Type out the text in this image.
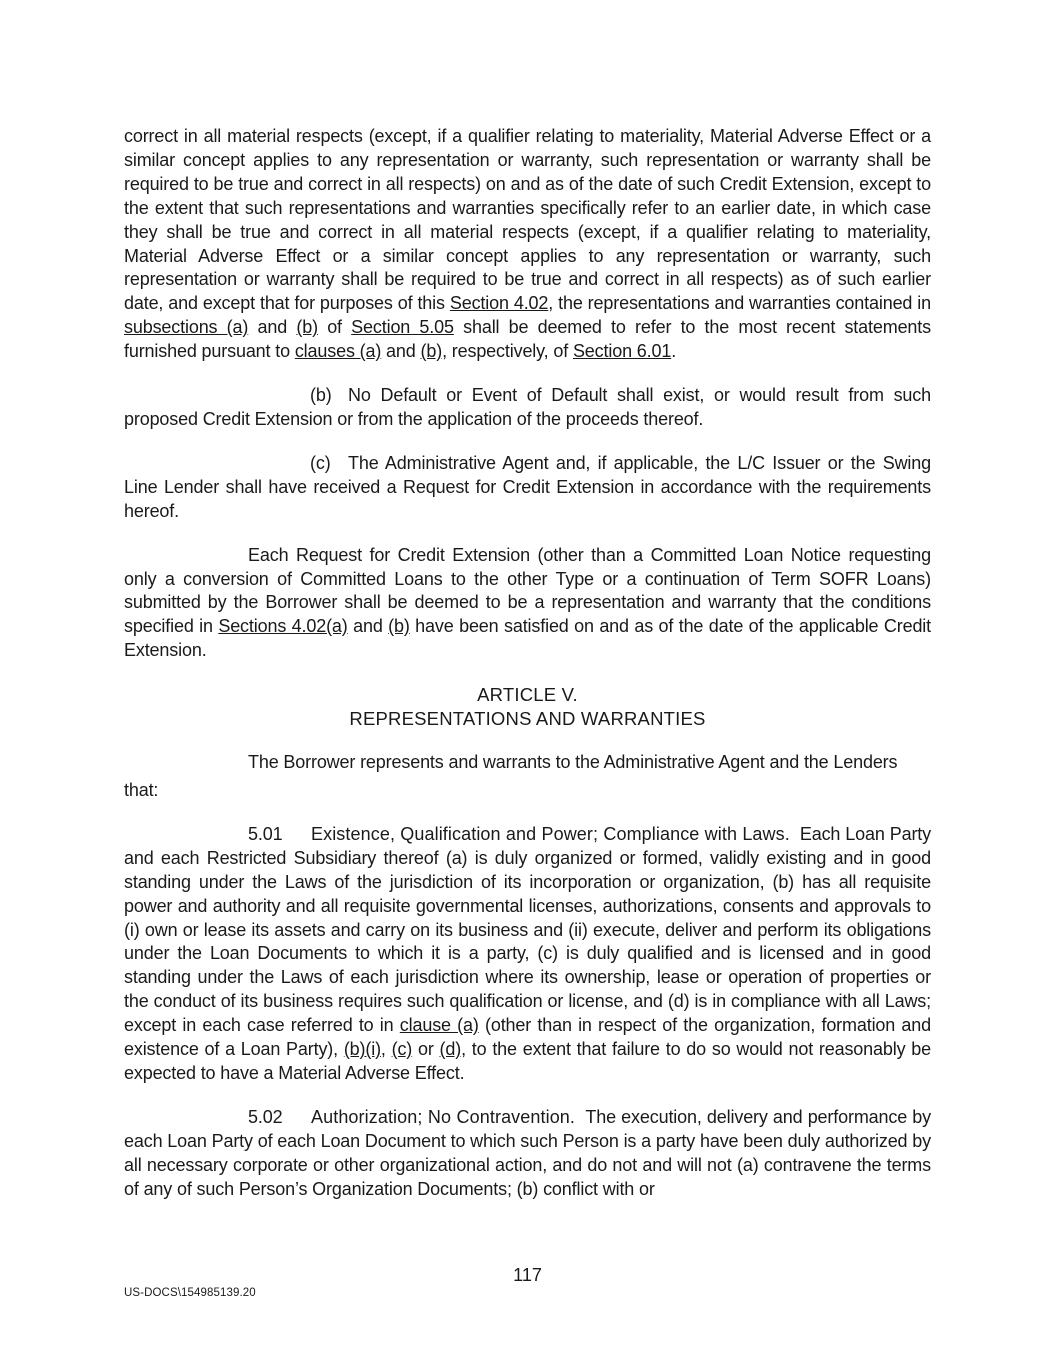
correct in all material respects (except, if a qualifier relating to materiality, Material Adverse Effect or a similar concept applies to any representation or warranty, such representation or warranty shall be required to be true and correct in all respects) on and as of the date of such Credit Extension, except to the extent that such representations and warranties specifically refer to an earlier date, in which case they shall be true and correct in all material respects (except, if a qualifier relating to materiality, Material Adverse Effect or a similar concept applies to any representation or warranty, such representation or warranty shall be required to be true and correct in all respects) as of such earlier date, and except that for purposes of this Section 4.02, the representations and warranties contained in subsections (a) and (b) of Section 5.05 shall be deemed to refer to the most recent statements furnished pursuant to clauses (a) and (b), respectively, of Section 6.01.

(b) No Default or Event of Default shall exist, or would result from such proposed Credit Extension or from the application of the proceeds thereof.

(c) The Administrative Agent and, if applicable, the L/C Issuer or the Swing Line Lender shall have received a Request for Credit Extension in accordance with the requirements hereof.

Each Request for Credit Extension (other than a Committed Loan Notice requesting only a conversion of Committed Loans to the other Type or a continuation of Term SOFR Loans) submitted by the Borrower shall be deemed to be a representation and warranty that the conditions specified in Sections 4.02(a) and (b) have been satisfied on and as of the date of the applicable Credit Extension.

ARTICLE V.
REPRESENTATIONS AND WARRANTIES

The Borrower represents and warrants to the Administrative Agent and the Lenders

that:

5.01 Existence, Qualification and Power; Compliance with Laws. Each Loan Party and each Restricted Subsidiary thereof (a) is duly organized or formed, validly existing and in good standing under the Laws of the jurisdiction of its incorporation or organization, (b) has all requisite power and authority and all requisite governmental licenses, authorizations, consents and approvals to (i) own or lease its assets and carry on its business and (ii) execute, deliver and perform its obligations under the Loan Documents to which it is a party, (c) is duly qualified and is licensed and in good standing under the Laws of each jurisdiction where its ownership, lease or operation of properties or the conduct of its business requires such qualification or license, and (d) is in compliance with all Laws; except in each case referred to in clause (a) (other than in respect of the organization, formation and existence of a Loan Party), (b)(i), (c) or (d), to the extent that failure to do so would not reasonably be expected to have a Material Adverse Effect.

5.02 Authorization; No Contravention. The execution, delivery and performance by each Loan Party of each Loan Document to which such Person is a party have been duly authorized by all necessary corporate or other organizational action, and do not and will not (a) contravene the terms of any of such Person’s Organization Documents; (b) conflict with or

117
US-DOCS\154985139.20
